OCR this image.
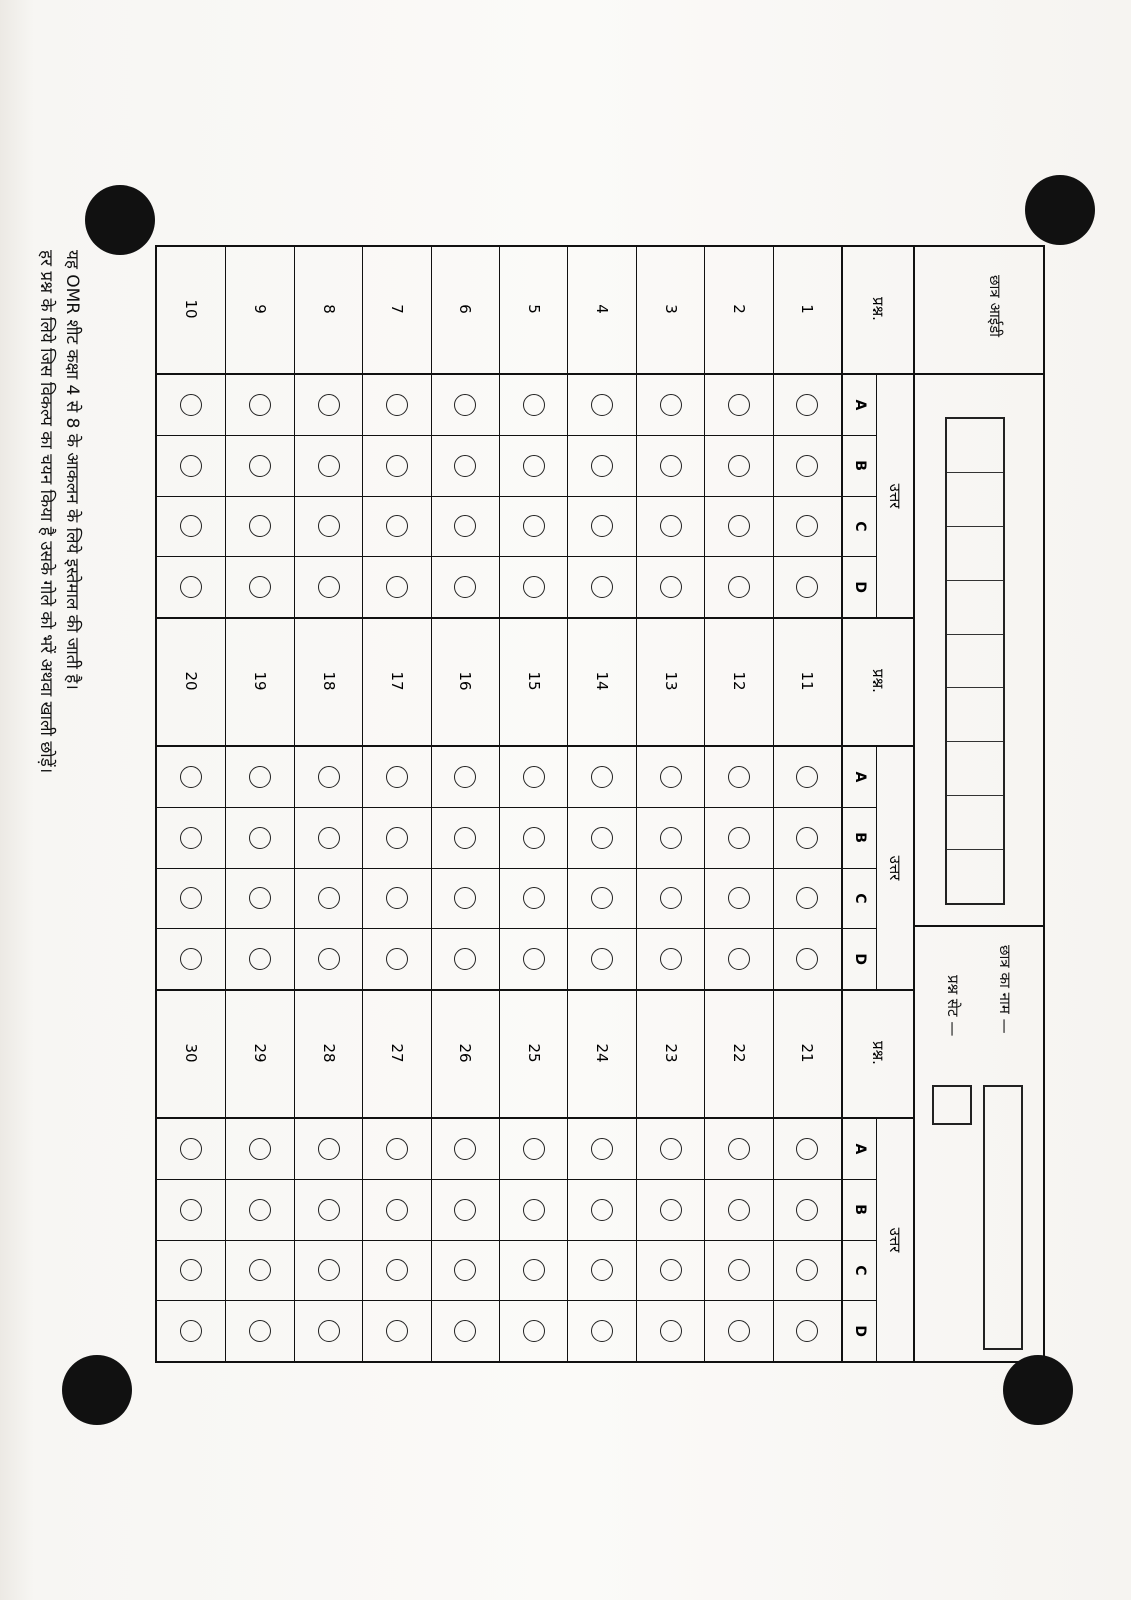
छात्र आईडी
छात्र का नाम —
प्रश्न सेट —
प्रश्न.
उत्तर
A
B
C
D
1
2
3
4
5
6
7
8
9
10
प्रश्न.
उत्तर
A
B
C
D
11
12
13
14
15
16
17
18
19
20
प्रश्न.
उत्तर
A
B
C
D
21
22
23
24
25
26
27
28
29
30
यह OMR शीट कक्षा 4 से 8 के आकलन के लिये इस्तेमाल की जाती है।
हर प्रश्न के लिये जिस विकल्प का चयन किया है उसके गोले को भरें अथवा खाली छोड़ें।
